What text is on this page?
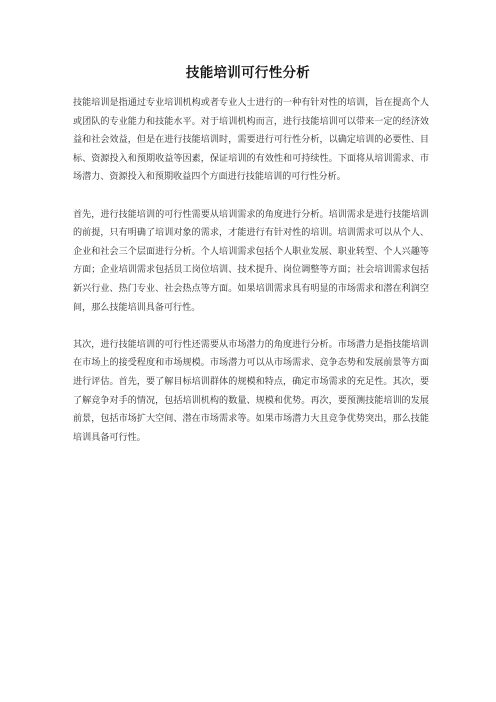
技能培训可行性分析

技能培训是指通过专业培训机构或者专业人士进行的一种有针对性的培训，旨在提高个人或团队的专业能力和技能水平。对于培训机构而言，进行技能培训可以带来一定的经济效益和社会效益，但是在进行技能培训时，需要进行可行性分析，以确定培训的必要性、目标、资源投入和预期收益等因素，保证培训的有效性和可持续性。下面将从培训需求、市场潜力、资源投入和预期收益四个方面进行技能培训的可行性分析。

首先，进行技能培训的可行性需要从培训需求的角度进行分析。培训需求是进行技能培训的前提，只有明确了培训对象的需求，才能进行有针对性的培训。培训需求可以从个人、企业和社会三个层面进行分析。个人培训需求包括个人职业发展、职业转型、个人兴趣等方面；企业培训需求包括员工岗位培训、技术提升、岗位调整等方面；社会培训需求包括新兴行业、热门专业、社会热点等方面。如果培训需求具有明显的市场需求和潜在利润空间，那么技能培训具备可行性。

其次，进行技能培训的可行性还需要从市场潜力的角度进行分析。市场潜力是指技能培训在市场上的接受程度和市场规模。市场潜力可以从市场需求、竞争态势和发展前景等方面进行评估。首先，要了解目标培训群体的规模和特点，确定市场需求的充足性。其次，要了解竞争对手的情况，包括培训机构的数量、规模和优势。再次，要预测技能培训的发展前景，包括市场扩大空间、潜在市场需求等。如果市场潜力大且竞争优势突出，那么技能培训具备可行性。
